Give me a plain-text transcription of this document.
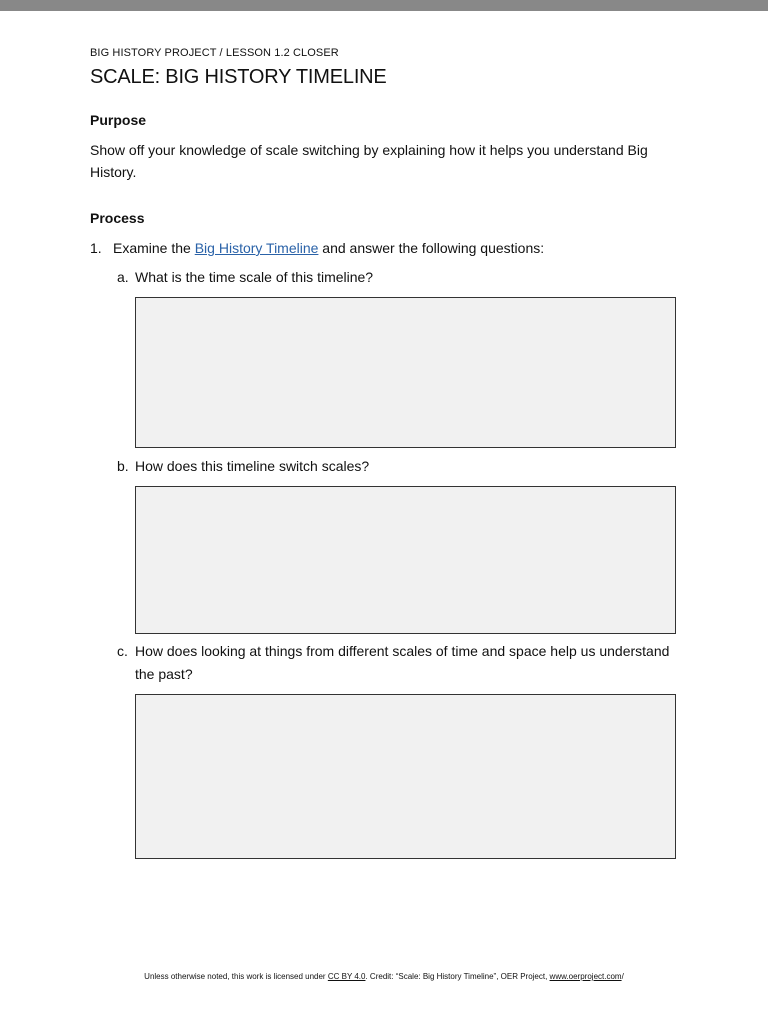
BIG HISTORY PROJECT / LESSON 1.2 CLOSER
SCALE: BIG HISTORY TIMELINE
Purpose
Show off your knowledge of scale switching by explaining how it helps you understand Big History.
Process
1. Examine the Big History Timeline and answer the following questions:
a. What is the time scale of this timeline?
b. How does this timeline switch scales?
c. How does looking at things from different scales of time and space help us understand the past?
Unless otherwise noted, this work is licensed under CC BY 4.0. Credit: “Scale: Big History Timeline”, OER Project, www.oerproject.com/
